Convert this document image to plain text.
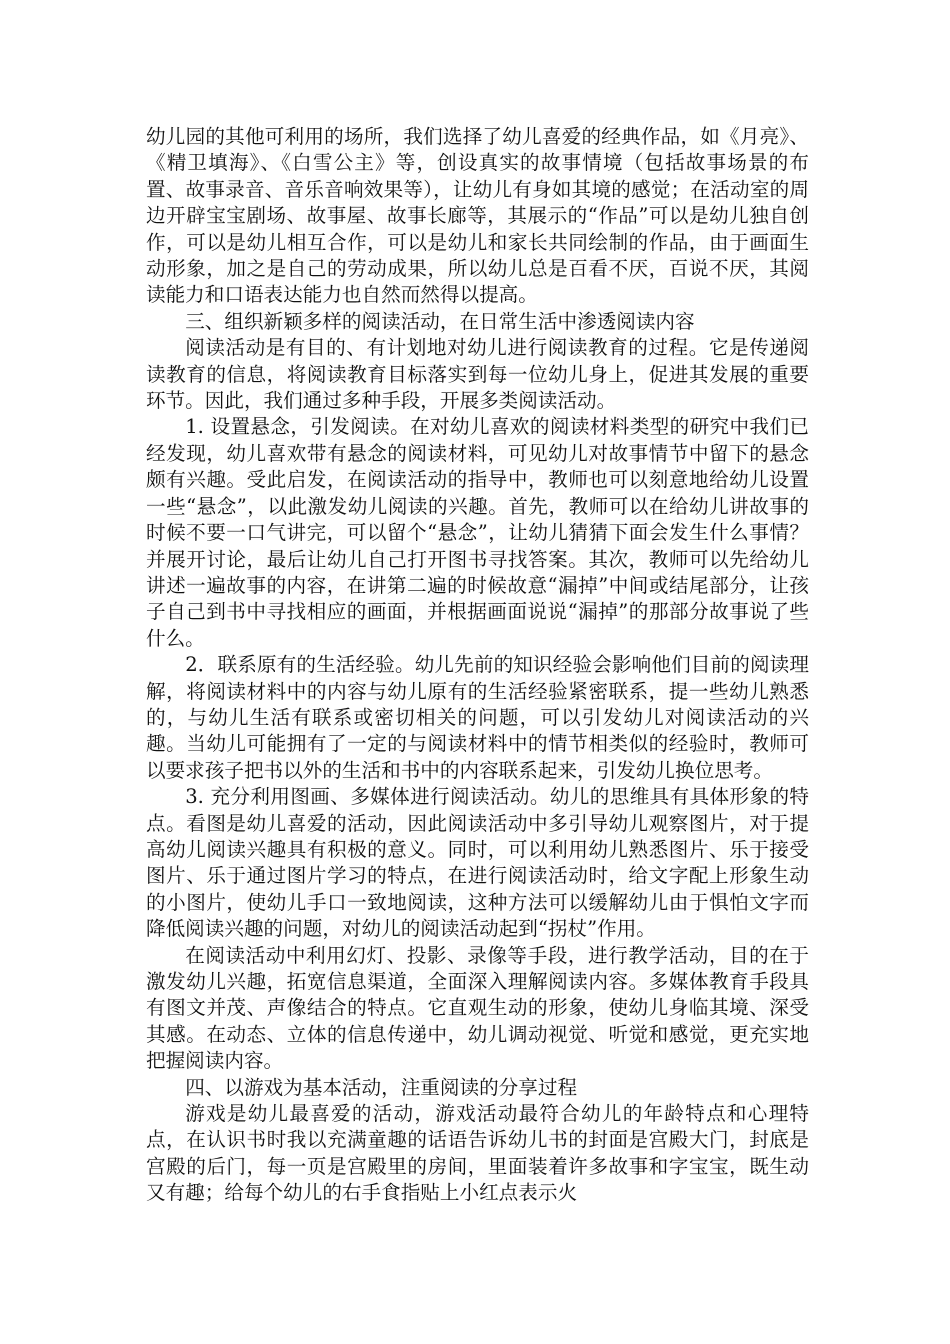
幼儿园的其他可利用的场所，我们选择了幼儿喜爱的经典作品，如《月亮》、《精卫填海》、《白雪公主》等，创设真实的故事情境（包括故事场景的布置、故事录音、音乐音响效果等），让幼儿有身如其境的感觉；在活动室的周边开辟宝宝剧场、故事屋、故事长廊等，其展示的“作品”可以是幼儿独自创作，可以是幼儿相互合作，可以是幼儿和家长共同绘制的作品，由于画面生动形象，加之是自己的劳动成果，所以幼儿总是百看不厌，百说不厌，其阅读能力和口语表达能力也自然而然得以提高。

三、组织新颖多样的阅读活动，在日常生活中渗透阅读内容

阅读活动是有目的、有计划地对幼儿进行阅读教育的过程。它是传递阅读教育的信息，将阅读教育目标落实到每一位幼儿身上，促进其发展的重要环节。因此，我们通过多种手段，开展多类阅读活动。

1. 设置悬念，引发阅读。在对幼儿喜欢的阅读材料类型的研究中我们已经发现，幼儿喜欢带有悬念的阅读材料，可见幼儿对故事情节中留下的悬念颇有兴趣。受此启发，在阅读活动的指导中，教师也可以刻意地给幼儿设置一些“悬念”，以此激发幼儿阅读的兴趣。首先，教师可以在给幼儿讲故事的时候不要一口气讲完，可以留个“悬念”，让幼儿猜猜下面会发生什么事情？并展开讨论，最后让幼儿自己打开图书寻找答案。其次，教师可以先给幼儿讲述一遍故事的内容，在讲第二遍的时候故意“漏掉”中间或结尾部分，让孩子自己到书中寻找相应的画面，并根据画面说说“漏掉”的那部分故事说了些什么。

2．联系原有的生活经验。幼儿先前的知识经验会影响他们目前的阅读理解，将阅读材料中的内容与幼儿原有的生活经验紧密联系，提一些幼儿熟悉的，与幼儿生活有联系或密切相关的问题，可以引发幼儿对阅读活动的兴趣。当幼儿可能拥有了一定的与阅读材料中的情节相类似的经验时，教师可以要求孩子把书以外的生活和书中的内容联系起来，引发幼儿换位思考。

3. 充分利用图画、多媒体进行阅读活动。幼儿的思维具有具体形象的特点。看图是幼儿喜爱的活动，因此阅读活动中多引导幼儿观察图片，对于提高幼儿阅读兴趣具有积极的意义。同时，可以利用幼儿熟悉图片、乐于接受图片、乐于通过图片学习的特点，在进行阅读活动时，给文字配上形象生动的小图片，使幼儿手口一致地阅读，这种方法可以缓解幼儿由于惧怕文字而降低阅读兴趣的问题，对幼儿的阅读活动起到“拐杖”作用。

在阅读活动中利用幻灯、投影、录像等手段，进行教学活动，目的在于激发幼儿兴趣，拓宽信息渠道，全面深入理解阅读内容。多媒体教育手段具有图文并茂、声像结合的特点。它直观生动的形象，使幼儿身临其境、深受其感。在动态、立体的信息传递中，幼儿调动视觉、听觉和感觉，更充实地把握阅读内容。

四、以游戏为基本活动，注重阅读的分享过程

游戏是幼儿最喜爱的活动，游戏活动最符合幼儿的年龄特点和心理特点，在认识书时我以充满童趣的话语告诉幼儿书的封面是宫殿大门，封底是宫殿的后门，每一页是宫殿里的房间，里面装着许多故事和字宝宝，既生动又有趣；给每个幼儿的右手食指贴上小红点表示火
